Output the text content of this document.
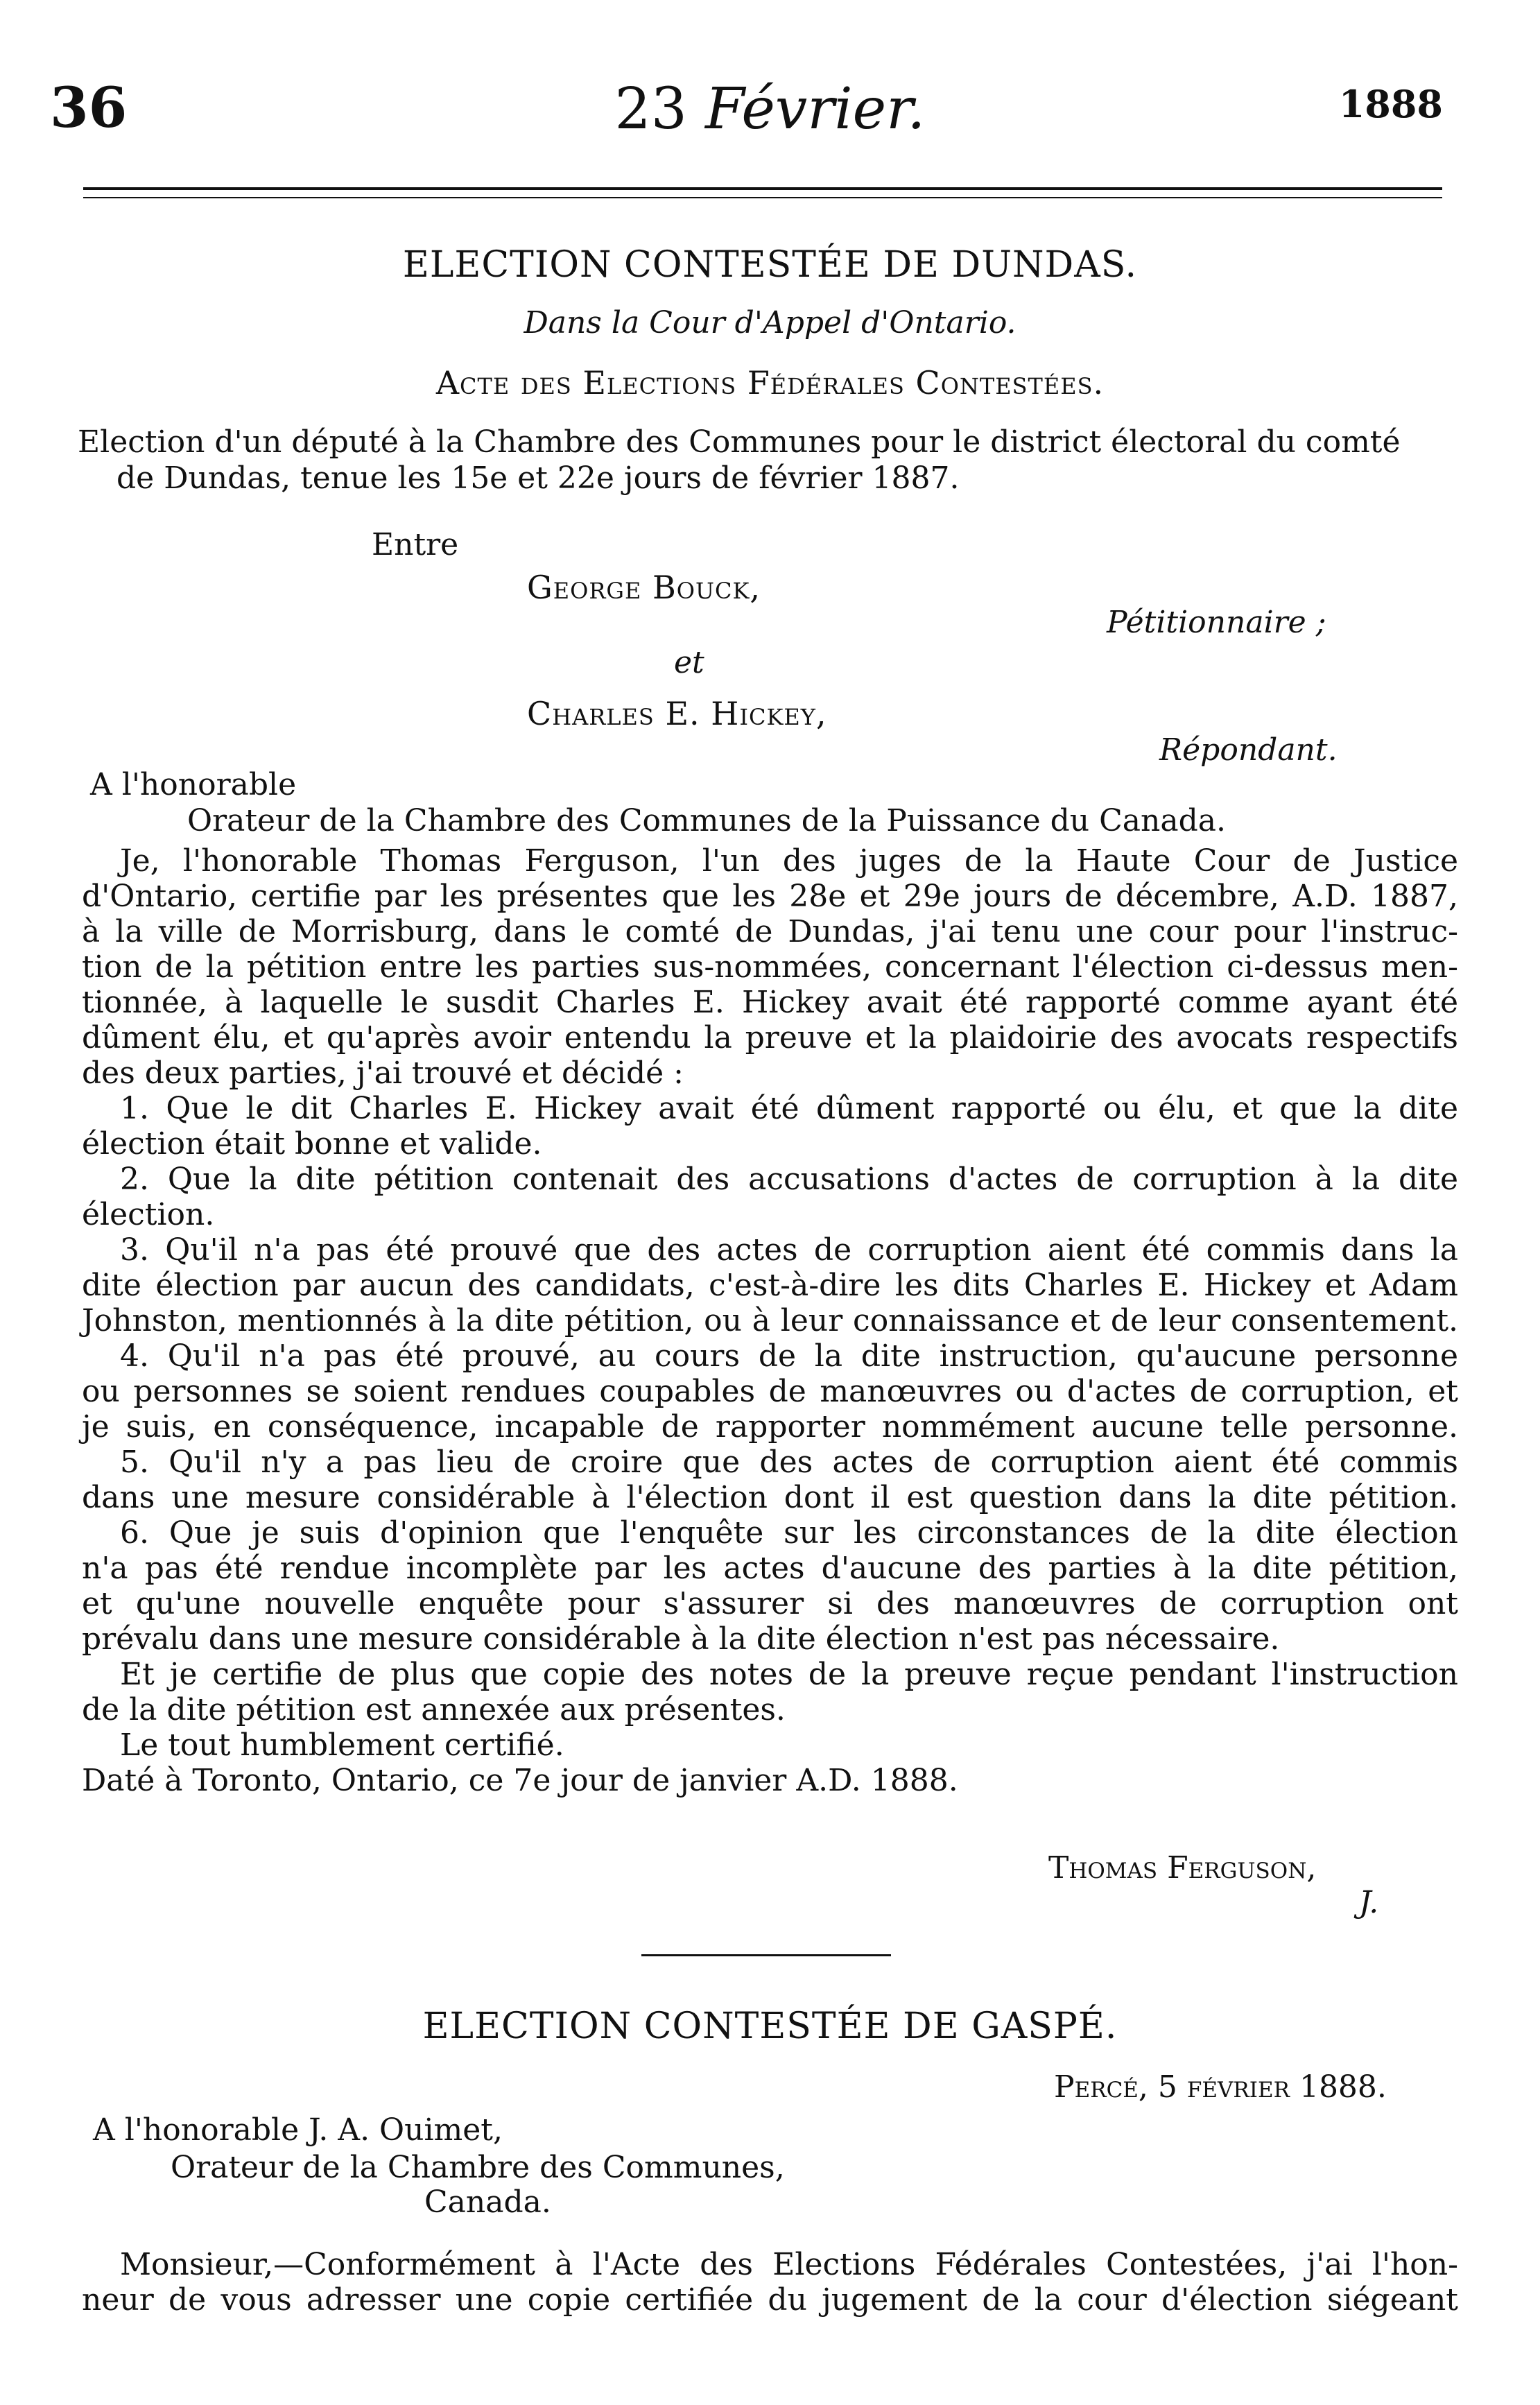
36	23 Février.	1888
ELECTION CONTESTÉE DE DUNDAS.
Dans la Cour d'Appel d'Ontario.
Acte des Elections Fédérales Contestées.
Election d'un député à la Chambre des Communes pour le district électoral du comté
de Dundas, tenue les 15e et 22e jours de février 1887.
Entre
George Bouck,
Pétitionnaire ;
et
Charles E. Hickey,
Répondant.
A l'honorable
Orateur de la Chambre des Communes de la Puissance du Canada.
Je, l'honorable Thomas Ferguson, l'un des juges de la Haute Cour de Justice
d'Ontario, certifie par les présentes que les 28e et 29e jours de décembre, A.D. 1887,
à la ville de Morrisburg, dans le comté de Dundas, j'ai tenu une cour pour l'instruc-
tion de la pétition entre les parties sus-nommées, concernant l'élection ci-dessus men-
tionnée, à laquelle le susdit Charles E. Hickey avait été rapporté comme ayant été
dûment élu, et qu'après avoir entendu la preuve et la plaidoirie des avocats respectifs
des deux parties, j'ai trouvé et décidé :
1. Que le dit Charles E. Hickey avait été dûment rapporté ou élu, et que la dite
élection était bonne et valide.
2. Que la dite pétition contenait des accusations d'actes de corruption à la dite
élection.
3. Qu'il n'a pas été prouvé que des actes de corruption aient été commis dans la
dite élection par aucun des candidats, c'est-à-dire les dits Charles E. Hickey et Adam
Johnston, mentionnés à la dite pétition, ou à leur connaissance et de leur consentement.
4. Qu'il n'a pas été prouvé, au cours de la dite instruction, qu'aucune personne
ou personnes se soient rendues coupables de manœuvres ou d'actes de corruption, et
je suis, en conséquence, incapable de rapporter nommément aucune telle personne.
5. Qu'il n'y a pas lieu de croire que des actes de corruption aient été commis
dans une mesure considérable à l'élection dont il est question dans la dite pétition.
6. Que je suis d'opinion que l'enquête sur les circonstances de la dite élection
n'a pas été rendue incomplète par les actes d'aucune des parties à la dite pétition,
et qu'une nouvelle enquête pour s'assurer si des manœuvres de corruption ont
prévalu dans une mesure considérable à la dite élection n'est pas nécessaire.
Et je certifie de plus que copie des notes de la preuve reçue pendant l'instruction
de la dite pétition est annexée aux présentes.
Le tout humblement certifié.
Daté à Toronto, Ontario, ce 7e jour de janvier A.D. 1888.
Thomas Ferguson,
J.
ELECTION CONTESTÉE DE GASPÉ.
Percé, 5 février 1888.
A l'honorable J. A. Ouimet,
Orateur de la Chambre des Communes,
Canada.
Monsieur,—Conformément à l'Acte des Elections Fédérales Contestées, j'ai l'hon-
neur de vous adresser une copie certifiée du jugement de la cour d'élection siégeant
